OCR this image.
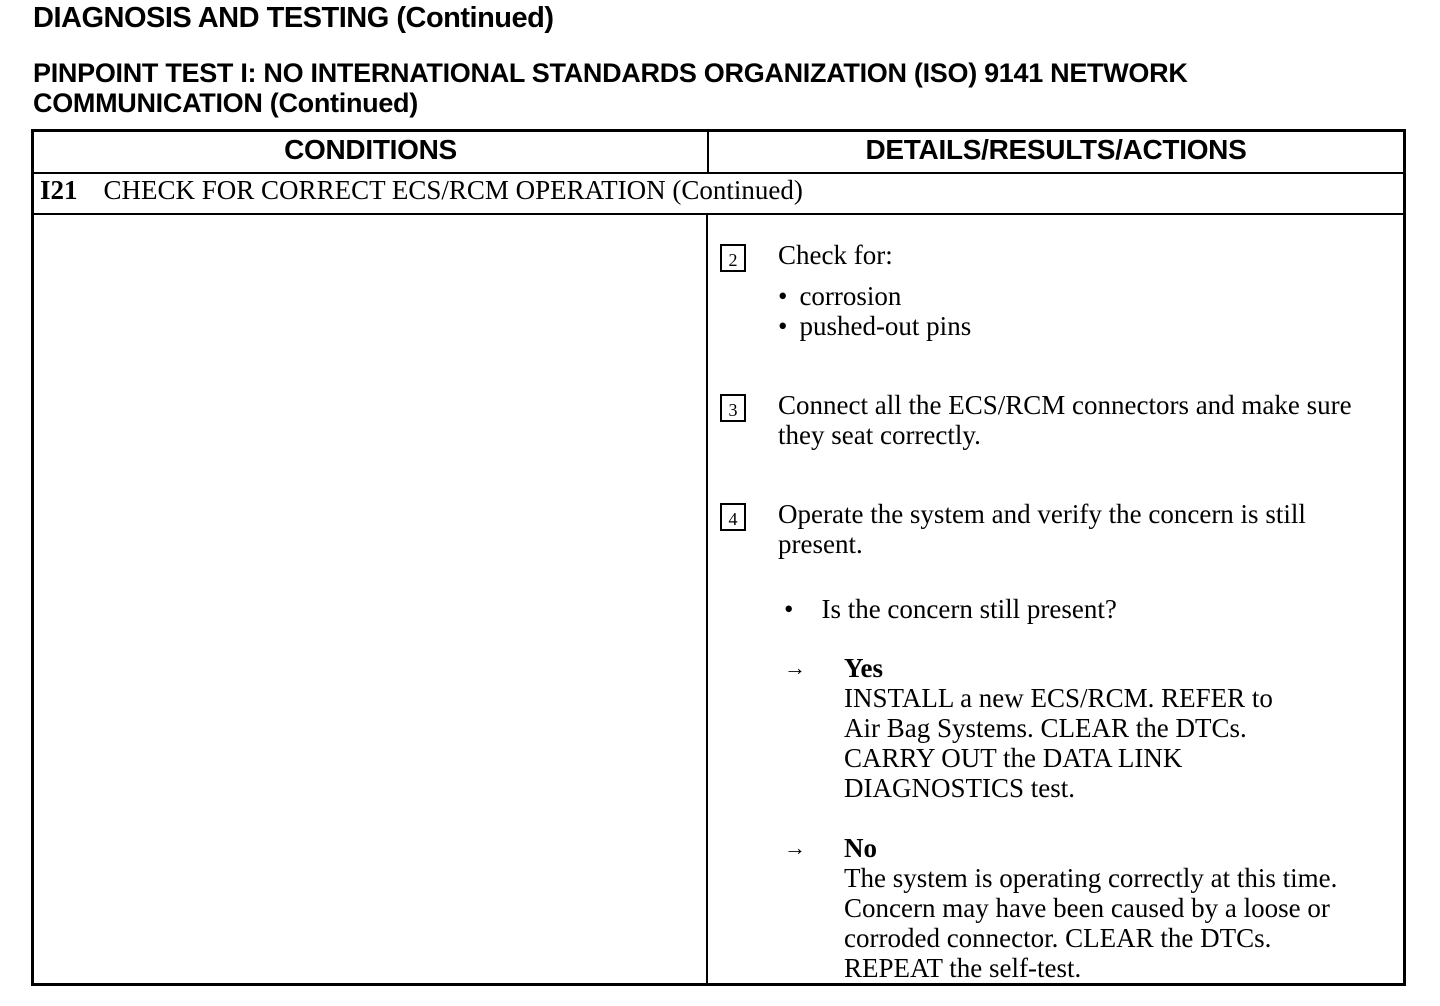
DIAGNOSIS AND TESTING (Continued)
PINPOINT TEST I: NO INTERNATIONAL STANDARDS ORGANIZATION (ISO) 9141 NETWORK
COMMUNICATION (Continued)
CONDITIONS	DETAILS/RESULTS/ACTIONS
I21 CHECK FOR CORRECT ECS/RCM OPERATION (Continued)
2	Check for:
• corrosion
• pushed-out pins
3	Connect all the ECS/RCM connectors and make sure they seat correctly.
4	Operate the system and verify the concern is still present.
• Is the concern still present?
→ Yes
INSTALL a new ECS/RCM. REFER to
Air Bag Systems. CLEAR the DTCs.
CARRY OUT the DATA LINK
DIAGNOSTICS test.
→ No
The system is operating correctly at this time.
Concern may have been caused by a loose or
corroded connector. CLEAR the DTCs.
REPEAT the self-test.
